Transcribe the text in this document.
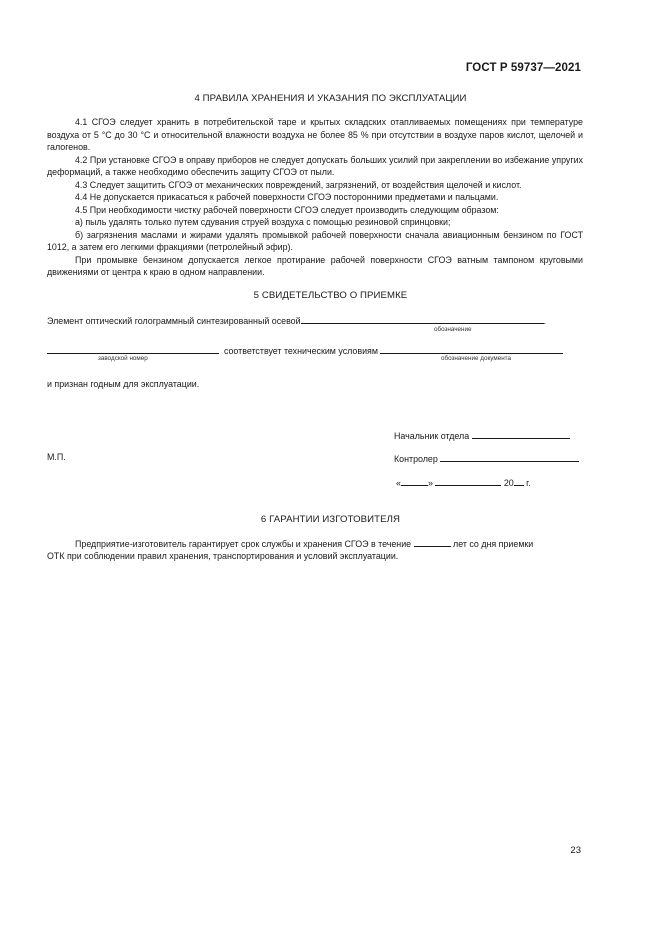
ГОСТ Р 59737—2021
4 ПРАВИЛА ХРАНЕНИЯ И УКАЗАНИЯ ПО ЭКСПЛУАТАЦИИ

4.1 СГОЭ следует хранить в потребительской таре и крытых складских отапливаемых помещениях при температуре воздуха от 5 °С до 30 °С и относительной влажности воздуха не более 85 % при отсутствии в воздухе паров кислот, щелочей и галогенов.

4.2 При установке СГОЭ в оправу приборов не следует допускать больших усилий при закреплении во избежание упругих деформаций, а также необходимо обеспечить защиту СГОЭ от пыли.

4.3 Следует защитить СГОЭ от механических повреждений, загрязнений, от воздействия щелочей и кислот.

4.4 Не допускается прикасаться к рабочей поверхности СГОЭ посторонними предметами и пальцами.

4.5 При необходимости чистку рабочей поверхности СГОЭ следует производить следующим образом:

а) пыль удалять только путем сдувания струей воздуха с помощью резиновой спринцовки;

б) загрязнения маслами и жирами удалять промывкой рабочей поверхности сначала авиационным бензином по ГОСТ 1012, а затем его легкими фракциями (петролейный эфир).

При промывке бензином допускается легкое протирание рабочей поверхности СГОЭ ватным тампоном круговыми движениями от центра к краю в одном направлении.

5 СВИДЕТЕЛЬСТВО О ПРИЕМКЕ
Элемент оптический голограммный синтезированный осевой	.
обозначение
соответствует техническим условиям
заводской номер	обозначение документа
и признан годным для эксплуатации.
Начальник отдела
М.П.	Контролер
«	»	20 г.
6 ГАРАНТИИ ИЗГОТОВИТЕЛЯ
Предприятие-изготовитель гарантирует срок службы и хранения СГОЭ в течение	лет со дня приемки
ОТК при соблюдении правил хранения, транспортирования и условий эксплуатации.
23
